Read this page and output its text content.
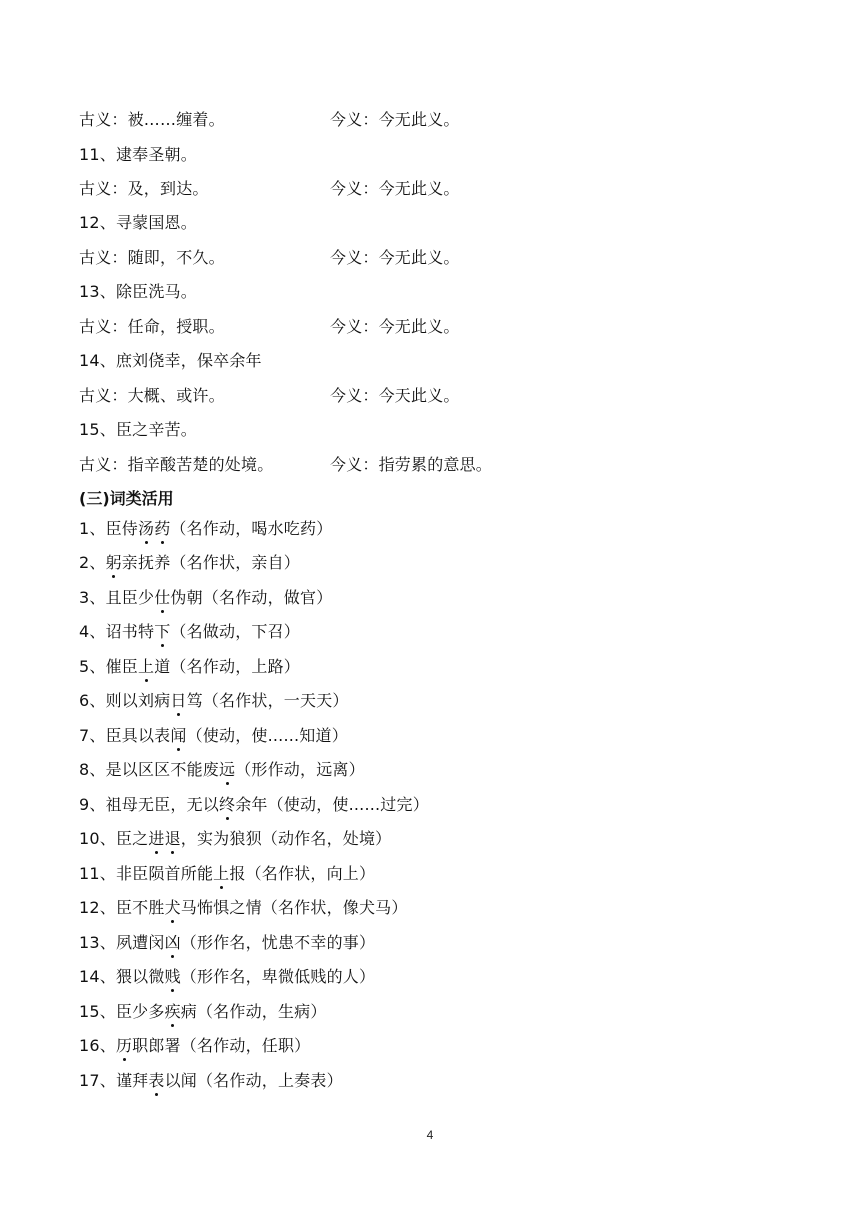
古义：被……缠着。	今义：今无此义。
11、逮奉圣朝。
古义：及，到达。	今义：今无此义。
12、寻蒙国恩。
古义：随即，不久。	今义：今无此义。
13、除臣洗马。
古义：任命，授职。	今义：今无此义。
14、庶刘侥幸，保卒余年
古义：大概、或许。	今义：今天此义。
15、臣之辛苦。
古义：指辛酸苦楚的处境。	今义：指劳累的意思。
(三)词类活用
1、臣侍汤药（名作动，喝水吃药）
2、躬亲抚养（名作状，亲自）
3、且臣少仕伪朝（名作动，做官）
4、诏书特下（名做动，下召）
5、催臣上道（名作动，上路）
6、则以刘病日笃（名作状，一天天）
7、臣具以表闻（使动，使......知道）
8、是以区区不能废远（形作动，远离）
9、祖母无臣，无以终余年（使动，使......过完）
10、臣之进退，实为狼狈（动作名，处境）
11、非臣陨首所能上报（名作状，向上）
12、臣不胜犬马怖惧之情（名作状，像犬马）
13、夙遭闵凶（形作名，忧患不幸的事）
14、猥以微贱（形作名，卑微低贱的人）
15、臣少多疾病（名作动，生病）
16、历职郎署（名作动，任职）
17、谨拜表以闻（名作动，上奏表）
4
